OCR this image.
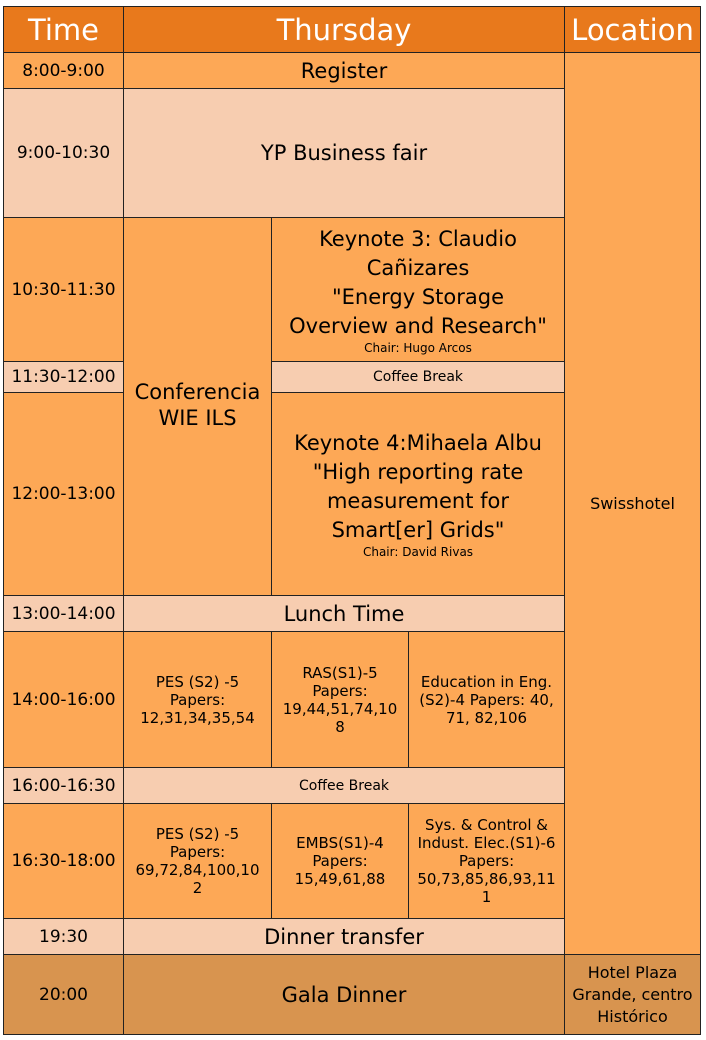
Time	Thursday	Location
8:00-9:00
9:00-10:30
10:30-11:30
11:30-12:00
12:00-13:00
13:00-14:00
14:00-16:00
16:00-16:30
16:30-18:00
19:30
20:00
Register
YP Business fair
Conferencia
WIE ILS
Keynote 3: Claudio
Cañizares
"Energy Storage
Overview and Research"
Chair: Hugo Arcos
Coffee Break
Keynote 4:Mihaela Albu
"High reporting rate
measurement for
Smart[er] Grids"
Chair: David Rivas
Lunch Time
PES (S2) -5
Papers:
12,31,34,35,54
RAS(S1)-5
Papers:
19,44,51,74,108
Education in Eng.
(S2)-4 Papers: 40,
71, 82,106
Coffee Break
PES (S2) -5
Papers:
69,72,84,100,102
EMBS(S1)-4
Papers:
15,49,61,88
Sys. & Control &
Indust. Elec.(S1)-6
Papers:
50,73,85,86,93,111
Dinner transfer
Gala Dinner
Swisshotel
Hotel Plaza
Grande, centro
Histórico
